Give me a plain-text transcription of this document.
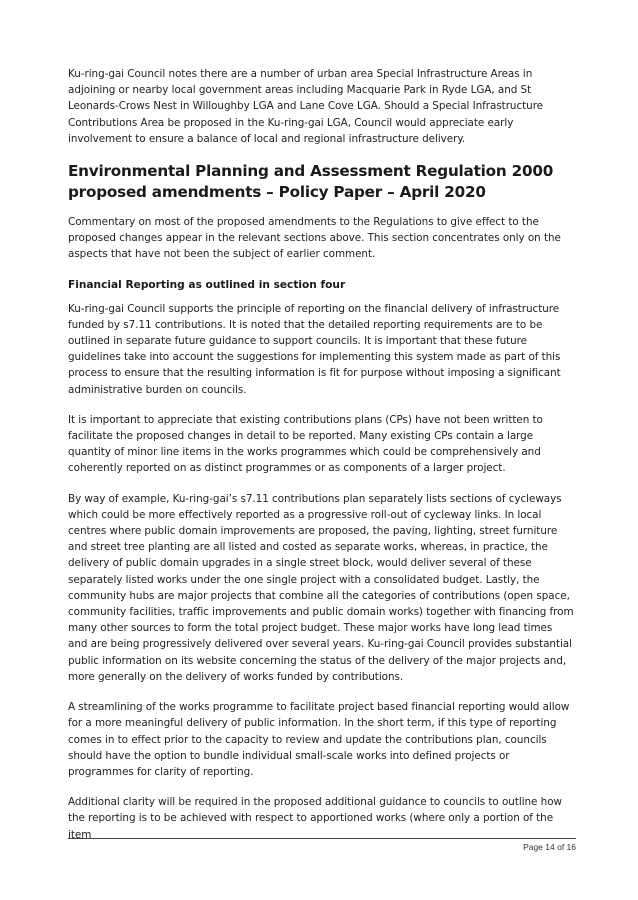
Ku-ring-gai Council notes there are a number of urban area Special Infrastructure Areas in adjoining or nearby local government areas including Macquarie Park in Ryde LGA, and St Leonards-Crows Nest in Willoughby LGA and Lane Cove LGA. Should a Special Infrastructure Contributions Area be proposed in the Ku-ring-gai LGA, Council would appreciate early involvement to ensure a balance of local and regional infrastructure delivery.

Environmental Planning and Assessment Regulation 2000 proposed amendments – Policy Paper – April 2020

Commentary on most of the proposed amendments to the Regulations to give effect to the proposed changes appear in the relevant sections above. This section concentrates only on the aspects that have not been the subject of earlier comment.

Financial Reporting as outlined in section four

Ku-ring-gai Council supports the principle of reporting on the financial delivery of infrastructure funded by s7.11 contributions. It is noted that the detailed reporting requirements are to be outlined in separate future guidance to support councils. It is important that these future guidelines take into account the suggestions for implementing this system made as part of this process to ensure that the resulting information is fit for purpose without imposing a significant administrative burden on councils.

It is important to appreciate that existing contributions plans (CPs) have not been written to facilitate the proposed changes in detail to be reported. Many existing CPs contain a large quantity of minor line items in the works programmes which could be comprehensively and coherently reported on as distinct programmes or as components of a larger project.

By way of example, Ku-ring-gai’s s7.11 contributions plan separately lists sections of cycleways which could be more effectively reported as a progressive roll-out of cycleway links. In local centres where public domain improvements are proposed, the paving, lighting, street furniture and street tree planting are all listed and costed as separate works, whereas, in practice, the delivery of public domain upgrades in a single street block, would deliver several of these separately listed works under the one single project with a consolidated budget. Lastly, the community hubs are major projects that combine all the categories of contributions (open space, community facilities, traffic improvements and public domain works) together with financing from many other sources to form the total project budget. These major works have long lead times and are being progressively delivered over several years. Ku-ring-gai Council provides substantial public information on its website concerning the status of the delivery of the major projects and, more generally on the delivery of works funded by contributions.

A streamlining of the works programme to facilitate project based financial reporting would allow for a more meaningful delivery of public information. In the short term, if this type of reporting comes in to effect prior to the capacity to review and update the contributions plan, councils should have the option to bundle individual small-scale works into defined projects or programmes for clarity of reporting.

Additional clarity will be required in the proposed additional guidance to councils to outline how the reporting is to be achieved with respect to apportioned works (where only a portion of the item

Page 14 of 16
